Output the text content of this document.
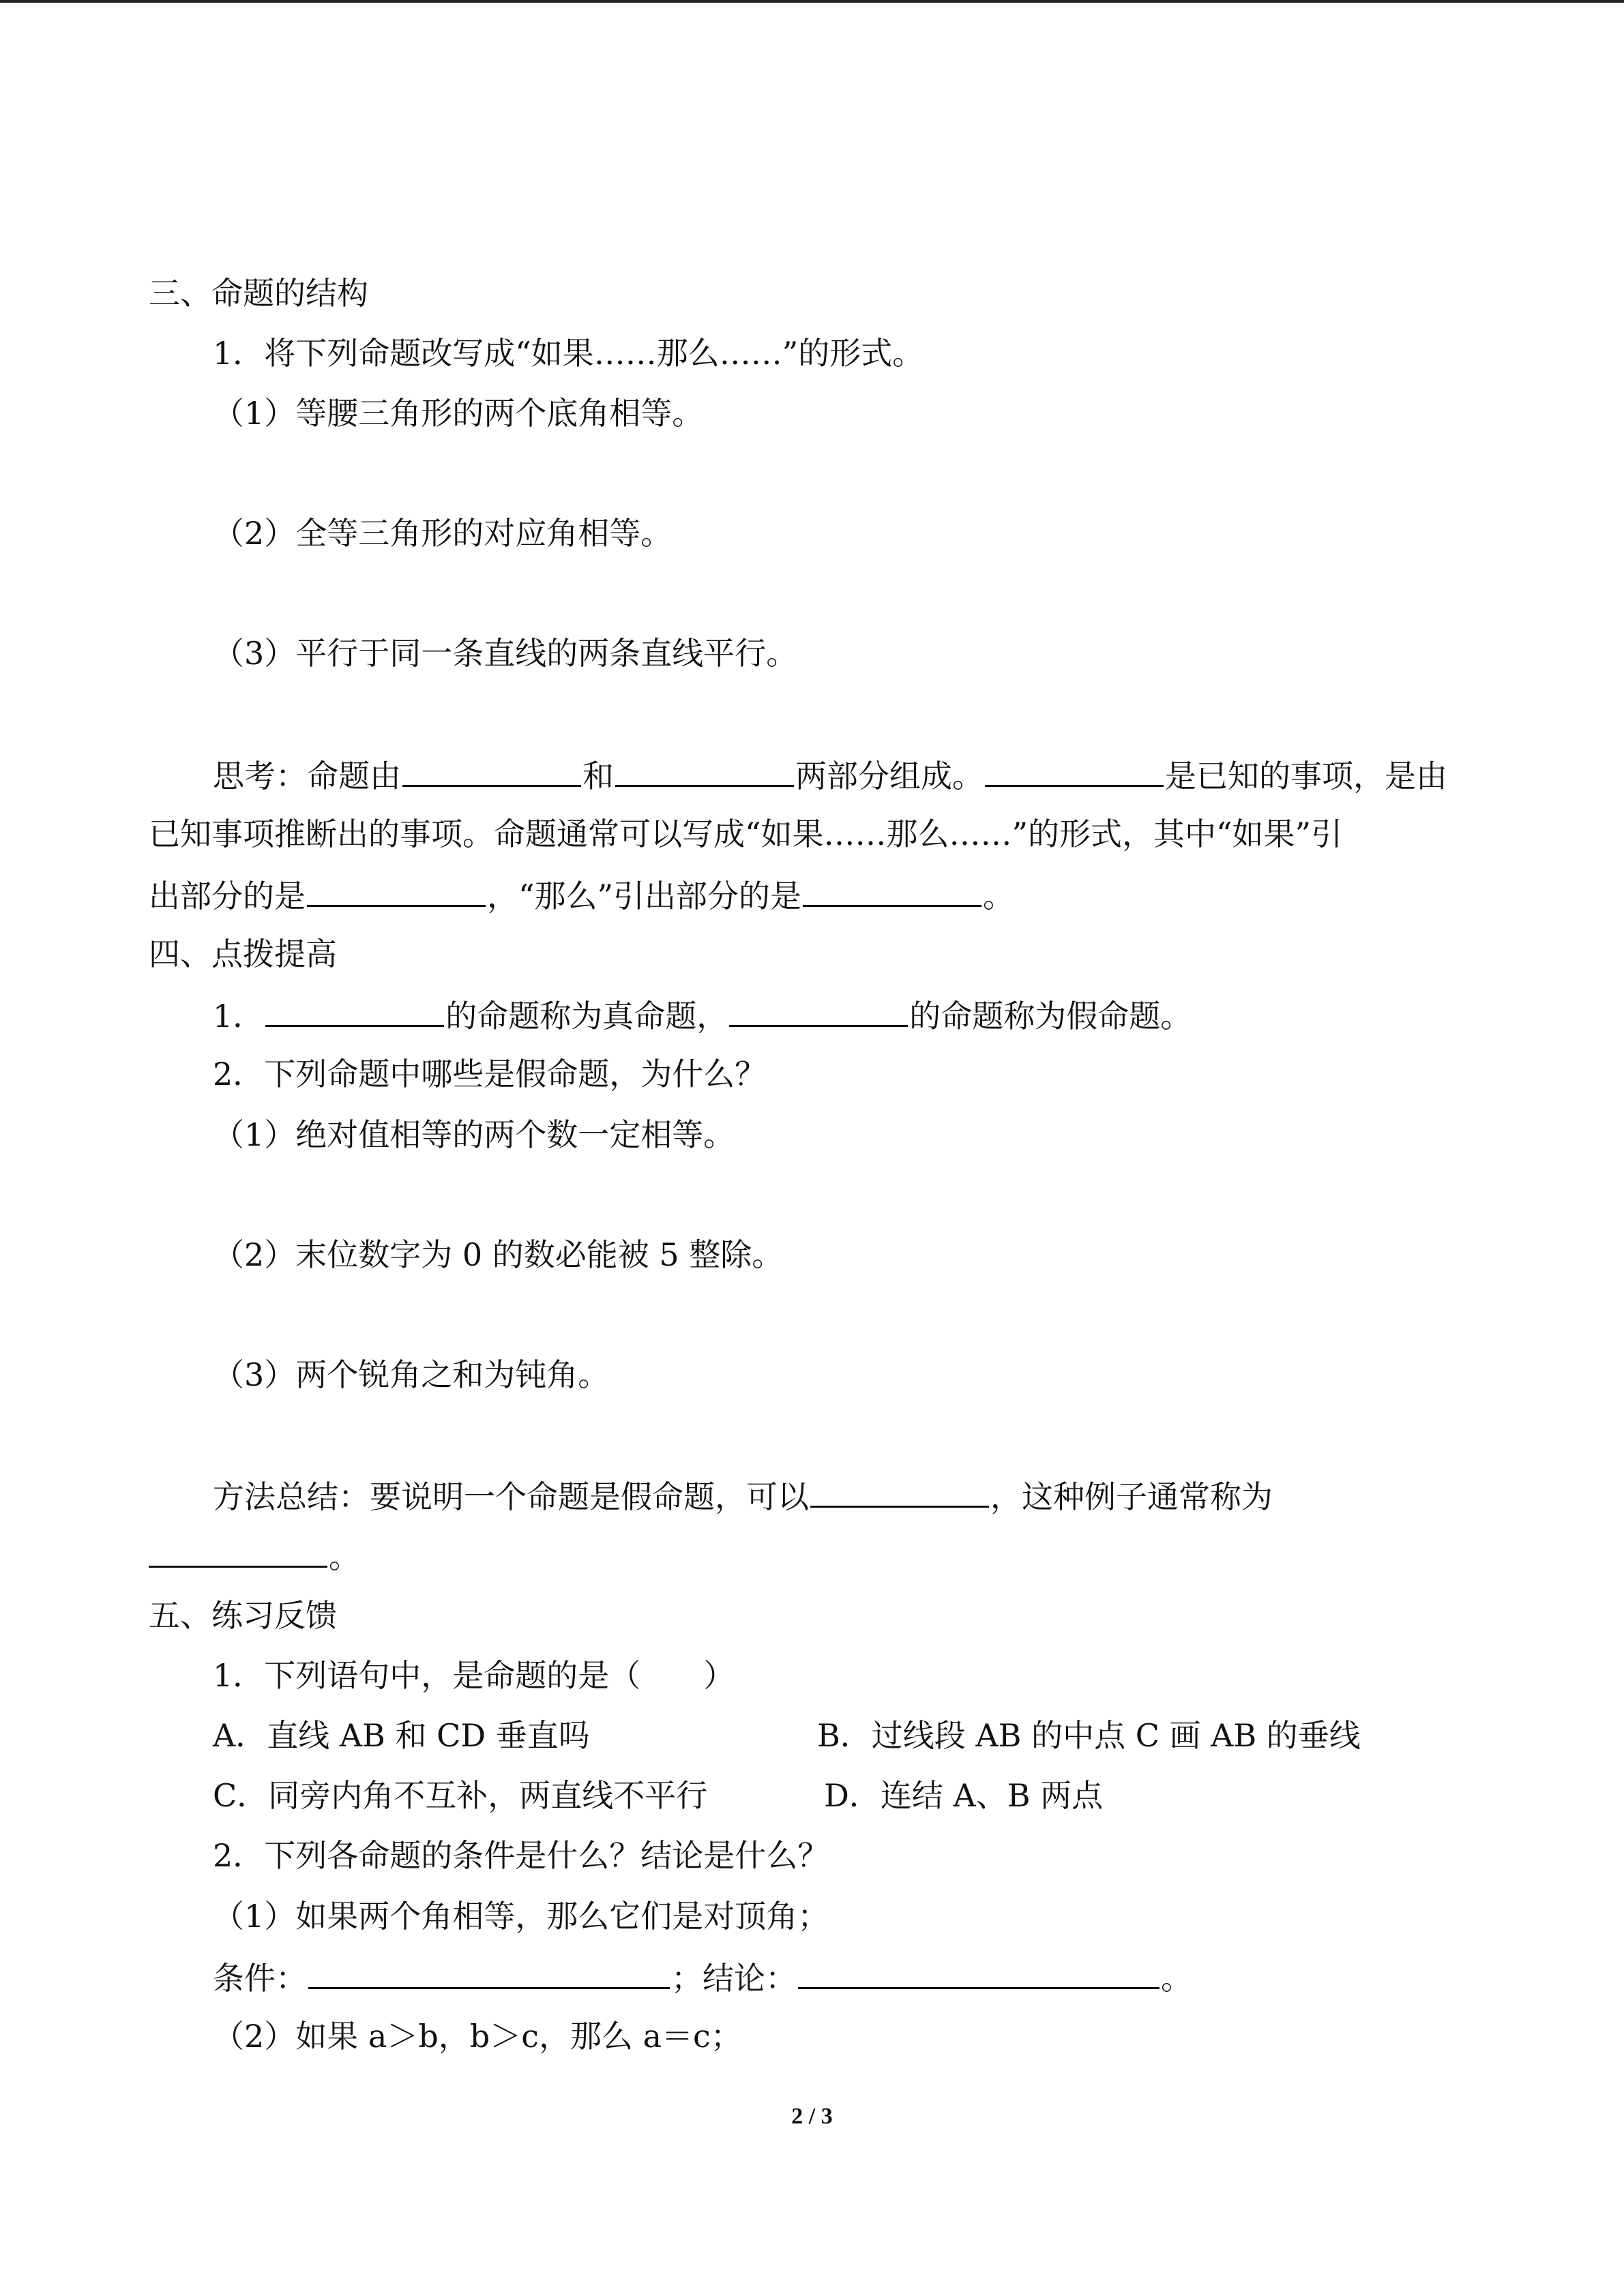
三、命题的结构
1．将下列命题改写成“如果……那么……”的形式。
（1）等腰三角形的两个底角相等。
（2）全等三角形的对应角相等。
（3）平行于同一条直线的两条直线平行。
思考：命题由	和	两部分组成。	是已知的事项，是由
已知事项推断出的事项。命题通常可以写成“如果……那么……”的形式，其中“如果”引
出部分的是	，“那么”引出部分的是	。
四、点拨提高
1．	的命题称为真命题，	的命题称为假命题。
2．下列命题中哪些是假命题，为什么？
（1）绝对值相等的两个数一定相等。
（2）末位数字为 0 的数必能被 5 整除。
（3）两个锐角之和为钝角。
方法总结：要说明一个命题是假命题，可以	，这种例子通常称为
。
五、练习反馈
1．下列语句中，是命题的是（　　）
A．直线 AB 和 CD 垂直吗	B．过线段 AB 的中点 C 画 AB 的垂线
C．同旁内角不互补，两直线不平行	D．连结 A、B 两点
2．下列各命题的条件是什么？结论是什么？
（1）如果两个角相等，那么它们是对顶角；
条件：	；结论：	。
（2）如果 a＞b，b＞c，那么 a＝c；
2 / 3
